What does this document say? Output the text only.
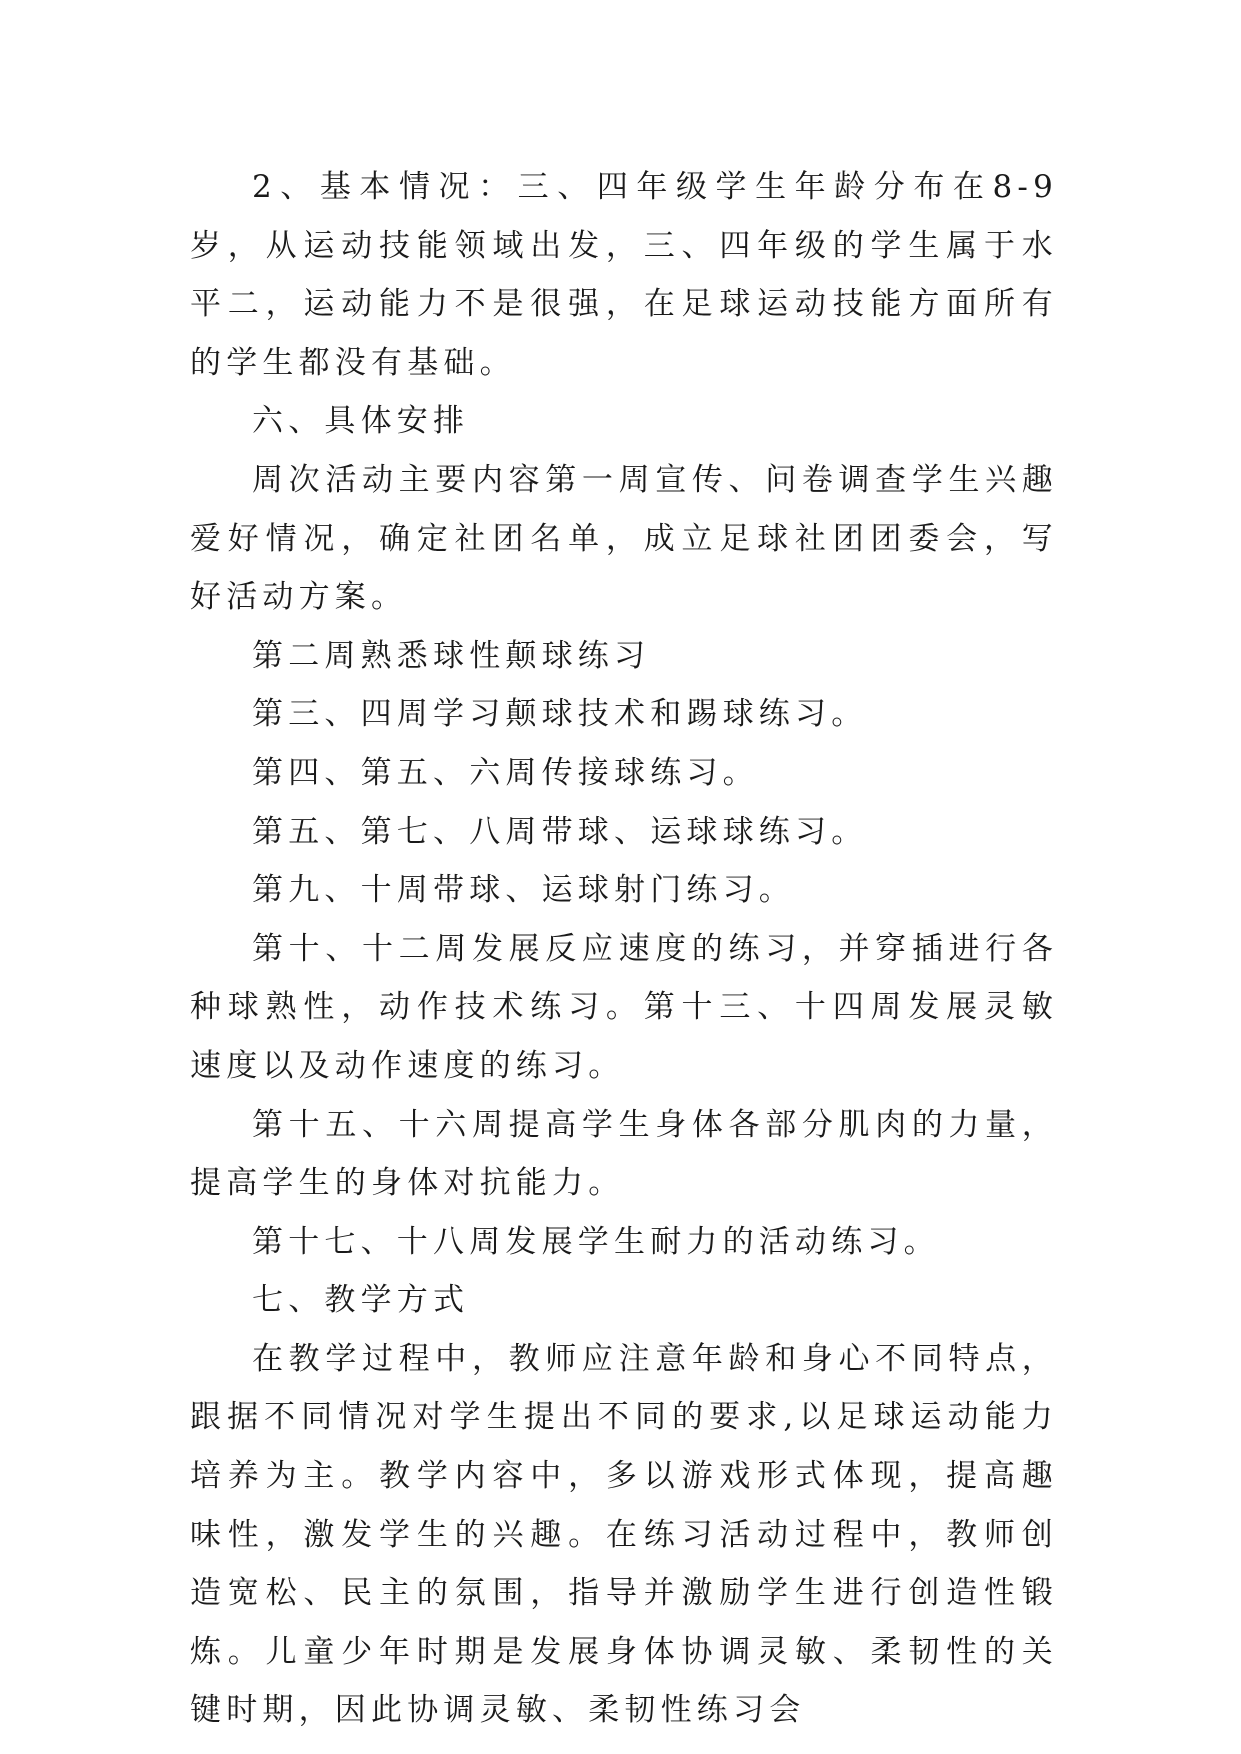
2、基本情况：三、四年级学生年龄分布在8-9岁，从运动技能领域出发，三、四年级的学生属于水平二，运动能力不是很强，在足球运动技能方面所有的学生都没有基础。

六、具体安排

周次活动主要内容第一周宣传、问卷调查学生兴趣爱好情况，确定社团名单，成立足球社团团委会，写好活动方案。

第二周熟悉球性颠球练习

第三、四周学习颠球技术和踢球练习。

第四、第五、六周传接球练习。

第五、第七、八周带球、运球球练习。

第九、十周带球、运球射门练习。

第十、十二周发展反应速度的练习，并穿插进行各种球熟性，动作技术练习。第十三、十四周发展灵敏速度以及动作速度的练习。

第十五、十六周提高学生身体各部分肌肉的力量，提高学生的身体对抗能力。

第十七、十八周发展学生耐力的活动练习。

七、教学方式

在教学过程中，教师应注意年龄和身心不同特点，跟据不同情况对学生提出不同的要求,以足球运动能力培养为主。教学内容中，多以游戏形式体现，提高趣味性，激发学生的兴趣。在练习活动过程中，教师创造宽松、民主的氛围，指导并激励学生进行创造性锻炼。儿童少年时期是发展身体协调灵敏、柔韧性的关键时期，因此协调灵敏、柔韧性练习会
